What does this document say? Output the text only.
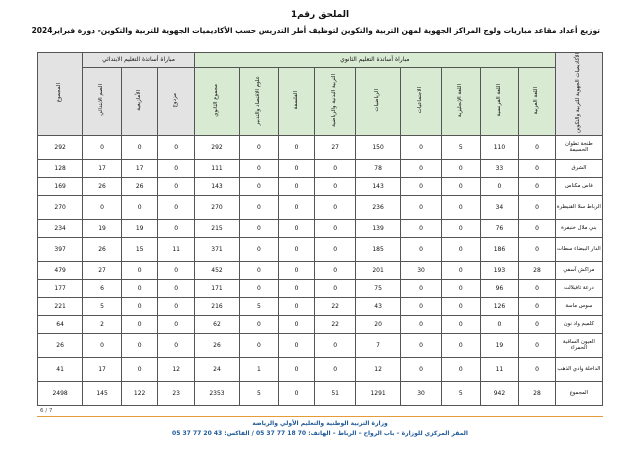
الملحق رقم1
توزيع أعداد مقاعد مباريات ولوج المراكز الجهوية لمهن التربية والتكوين لتوظيف أطر التدريس حسب الأكاديميات الجهوية للتربية والتكوين- دورة فبراير2024
الأكاديميات الجهوية للتربية والتكوين	مباراة أساتذة التعليم الثانوي									مباراة أساتذة التعليم الابتدائي			المجموع
	اللغة العربية	اللغة الفرنسية	اللغة الإنجليزية	الاجتماعيات	الرياضيات	التربية البدنية والرياضية	الفلسفة	علوم الاقتصاد والتدبير	مجموع الثانوي	مزدوج	الأمازيغية	الصم الابتدائي	
طنجة تطوان الحسيمة	0	110	5	0	150	27	0	0	292	0	0	0	292
الشرق	0	33	0	0	78	0	0	0	111	0	17	17	128
فاس مكناس	0	0	0	0	143	0	0	0	143	0	26	26	169
الرباط سلا القنيطرة	0	34	0	0	236	0	0	0	270	0	0	0	270
بني ملال خنيفرة	0	76	0	0	139	0	0	0	215	0	19	19	234
الدار البيضاء سطات	0	186	0	0	185	0	0	0	371	11	15	26	397
مراكش آسفي	28	193	0	30	201	0	0	0	452	0	0	27	479
درعة تافيلالت	0	96	0	0	75	0	0	0	171	0	0	6	177
سوس ماسة	0	126	0	0	43	22	0	5	216	0	0	5	221
كلميم واد نون	0	0	0	0	20	22	0	0	62	0	0	2	64
العيون الساقية الحمراء	0	19	0	0	7	0	0	0	26	0	0	0	26
الداخلة وادي الذهب	0	11	0	0	12	0	0	1	24	12	0	17	41
المجموع	28	942	5	30	1291	51	0	5	2353	23	122	145	2498
6 / 7
وزارة التربية الوطنية والتعليم الأولي والرياضة
المقر المركزي للوزارة – باب الرواح – الرباط – الهاتف: 70 18 77 37 05 / الفاكس: 43 20 77 37 05
